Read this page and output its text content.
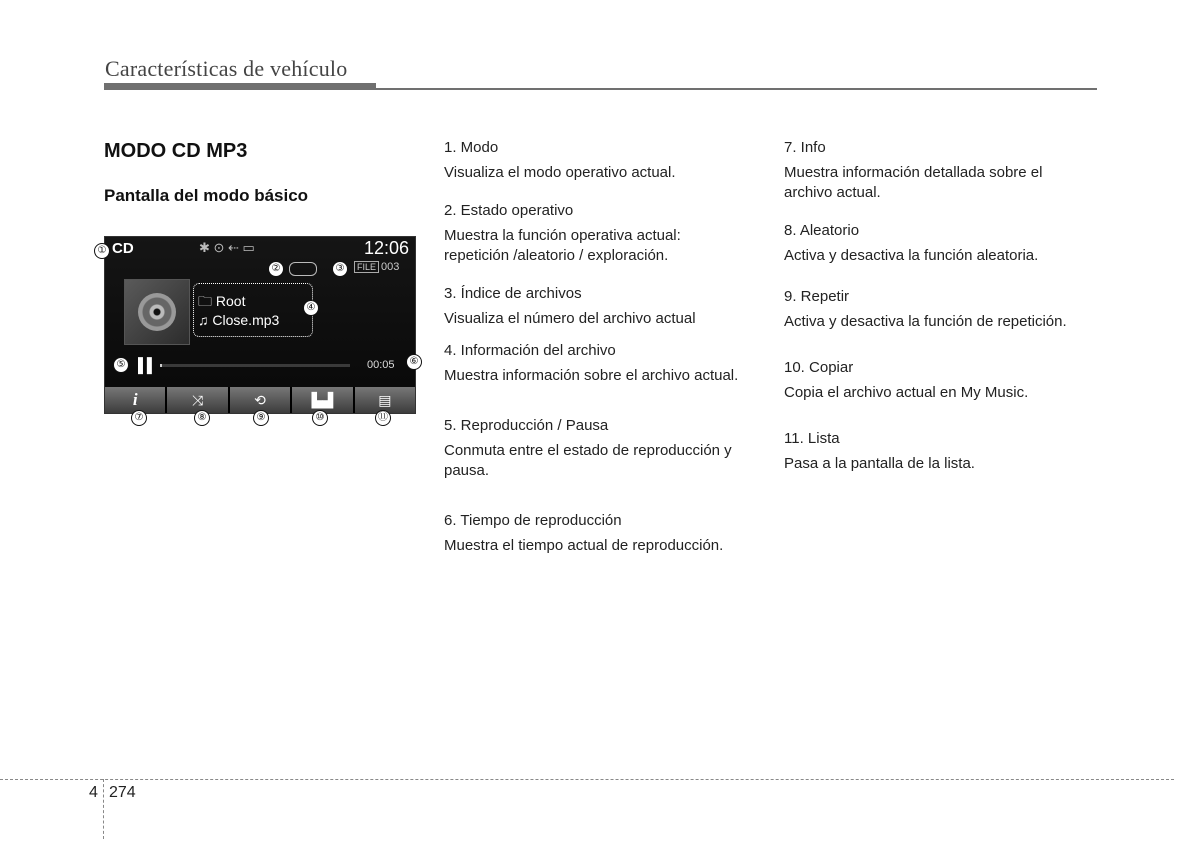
Características de vehículo
MODO CD MP3
Pantalla del modo básico
CD	✱ ⊙ ⇠ ▭	12:06
FILE 003
🗀 Root
♫ Close.mp3
▌▌	00:05
i	⤨	⟲	▙▟	▤
①
②	③
④
⑤	⑥
⑦	⑧	⑨	⑩	⑪
1. Modo
Visualiza el modo operativo actual.
2. Estado operativo
Muestra la función operativa actual: repetición /aleatorio / exploración.
3. Índice de archivos
Visualiza el número del archivo actual
4. Información del archivo
Muestra información sobre el archivo actual.
5. Reproducción / Pausa
Conmuta entre el estado de reproducción y pausa.
6. Tiempo de reproducción
Muestra el tiempo actual de reproducción.
7. Info
Muestra información detallada sobre el archivo actual.
8. Aleatorio
Activa y desactiva la función aleatoria.
9. Repetir
Activa y desactiva la función de repetición.
10. Copiar
Copia el archivo actual en My Music.
11. Lista
Pasa a la pantalla de la lista.
4 274
